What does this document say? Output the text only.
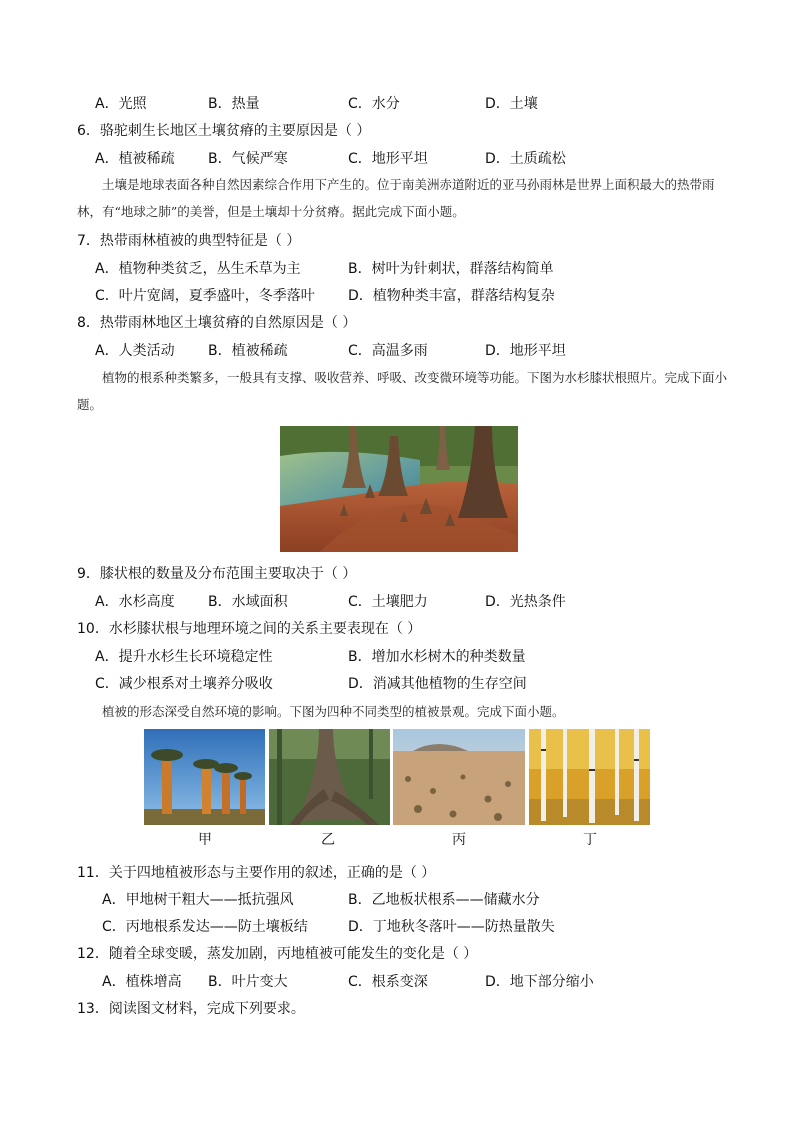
A．光照	B．热量	C．水分	D．土壤
6．骆驼刺生长地区土壤贫瘠的主要原因是（ ）
A．植被稀疏 B．气候严寒	C．地形平坦	D．土质疏松
土壤是地球表面各种自然因素综合作用下产生的。位于南美洲赤道附近的亚马孙雨林是世界上面积最大的热带雨林，有“地球之肺”的美誉，但是土壤却十分贫瘠。据此完成下面小题。
7．热带雨林植被的典型特征是（ ）
A．植物种类贫乏，丛生禾草为主	B．树叶为针刺状，群落结构简单
C．叶片宽阔，夏季盛叶，冬季落叶 D．植物种类丰富，群落结构复杂
8．热带雨林地区土壤贫瘠的自然原因是（ ）
A．人类活动 B．植被稀疏	C．高温多雨	D．地形平坦
植物的根系种类繁多，一般具有支撑、吸收营养、呼吸、改变微环境等功能。下图为水杉膝状根照片。完成下面小题。
9．膝状根的数量及分布范围主要取决于（ ）
A．水杉高度 B．水域面积	C．土壤肥力	D．光热条件
10．水杉膝状根与地理环境之间的关系主要表现在（ ）
A．提升水杉生长环境稳定性	B．增加水杉树木的种类数量
C．减少根系对土壤养分吸收	D．消减其他植物的生存空间
植被的形态深受自然环境的影响。下图为四种不同类型的植被景观。完成下面小题。
甲	乙	丙	丁
11．关于四地植被形态与主要作用的叙述，正确的是（ ）
A．甲地树干粗大——抵抗强风	B．乙地板状根系——储藏水分
C．丙地根系发达——防土壤板结	D．丁地秋冬落叶——防热量散失
12．随着全球变暖，蒸发加剧，丙地植被可能发生的变化是（ ）
A．植株增高 B．叶片变大	C．根系变深	D．地下部分缩小
13．阅读图文材料，完成下列要求。
